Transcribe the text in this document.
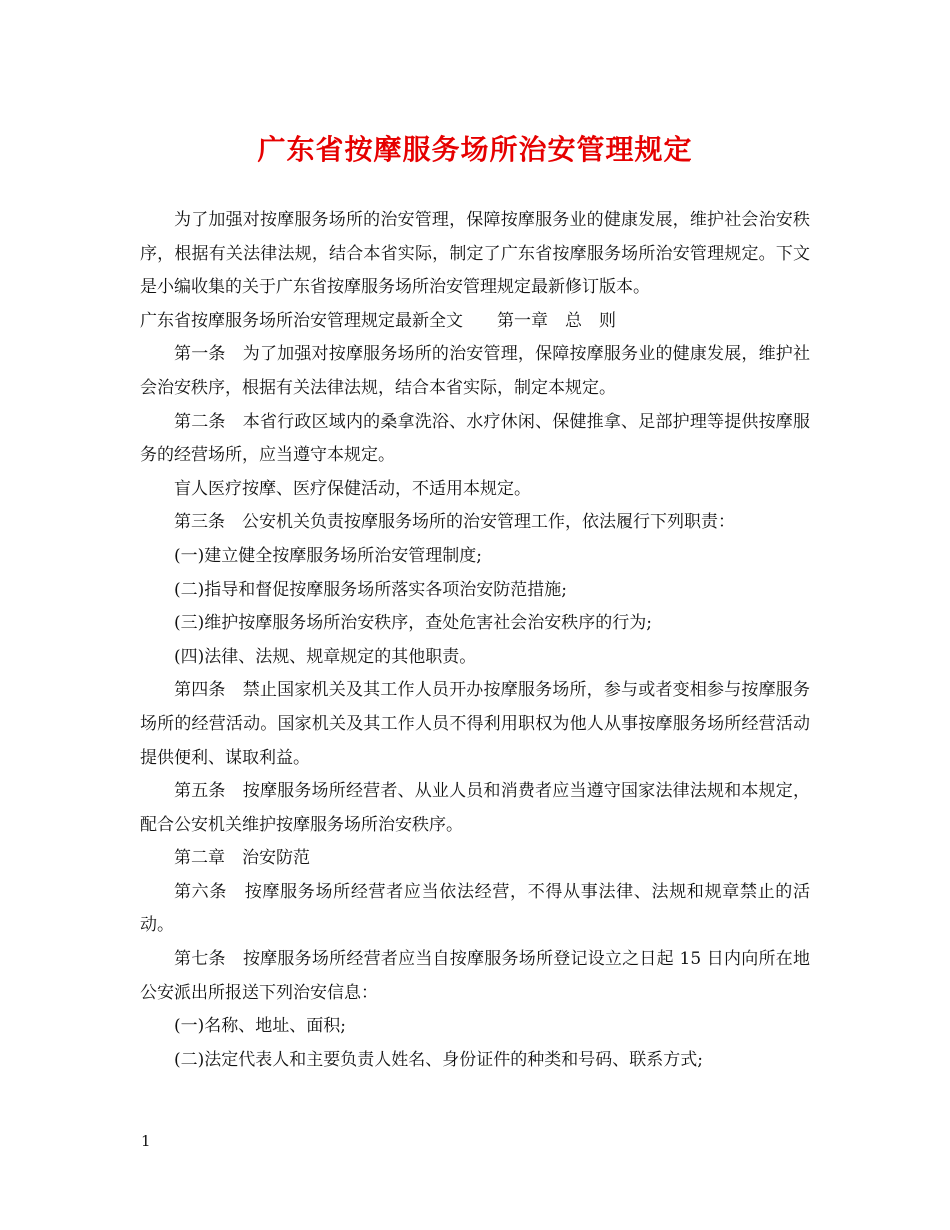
广东省按摩服务场所治安管理规定

为了加强对按摩服务场所的治安管理，保障按摩服务业的健康发展，维护社会治安秩序，根据有关法律法规，结合本省实际，制定了广东省按摩服务场所治安管理规定。下文是小编收集的关于广东省按摩服务场所治安管理规定最新修订版本。

广东省按摩服务场所治安管理规定最新全文　　第一章　总　则

第一条　为了加强对按摩服务场所的治安管理，保障按摩服务业的健康发展，维护社会治安秩序，根据有关法律法规，结合本省实际，制定本规定。

第二条　本省行政区域内的桑拿洗浴、水疗休闲、保健推拿、足部护理等提供按摩服务的经营场所，应当遵守本规定。

盲人医疗按摩、医疗保健活动，不适用本规定。

第三条　公安机关负责按摩服务场所的治安管理工作，依法履行下列职责：

(一)建立健全按摩服务场所治安管理制度;

(二)指导和督促按摩服务场所落实各项治安防范措施;

(三)维护按摩服务场所治安秩序，查处危害社会治安秩序的行为;

(四)法律、法规、规章规定的其他职责。

第四条　禁止国家机关及其工作人员开办按摩服务场所，参与或者变相参与按摩服务场所的经营活动。国家机关及其工作人员不得利用职权为他人从事按摩服务场所经营活动提供便利、谋取利益。

第五条　按摩服务场所经营者、从业人员和消费者应当遵守国家法律法规和本规定，配合公安机关维护按摩服务场所治安秩序。

第二章　治安防范

第六条　按摩服务场所经营者应当依法经营，不得从事法律、法规和规章禁止的活动。

第七条　按摩服务场所经营者应当自按摩服务场所登记设立之日起 15 日内向所在地公安派出所报送下列治安信息：

(一)名称、地址、面积;

(二)法定代表人和主要负责人姓名、身份证件的种类和号码、联系方式;

1
